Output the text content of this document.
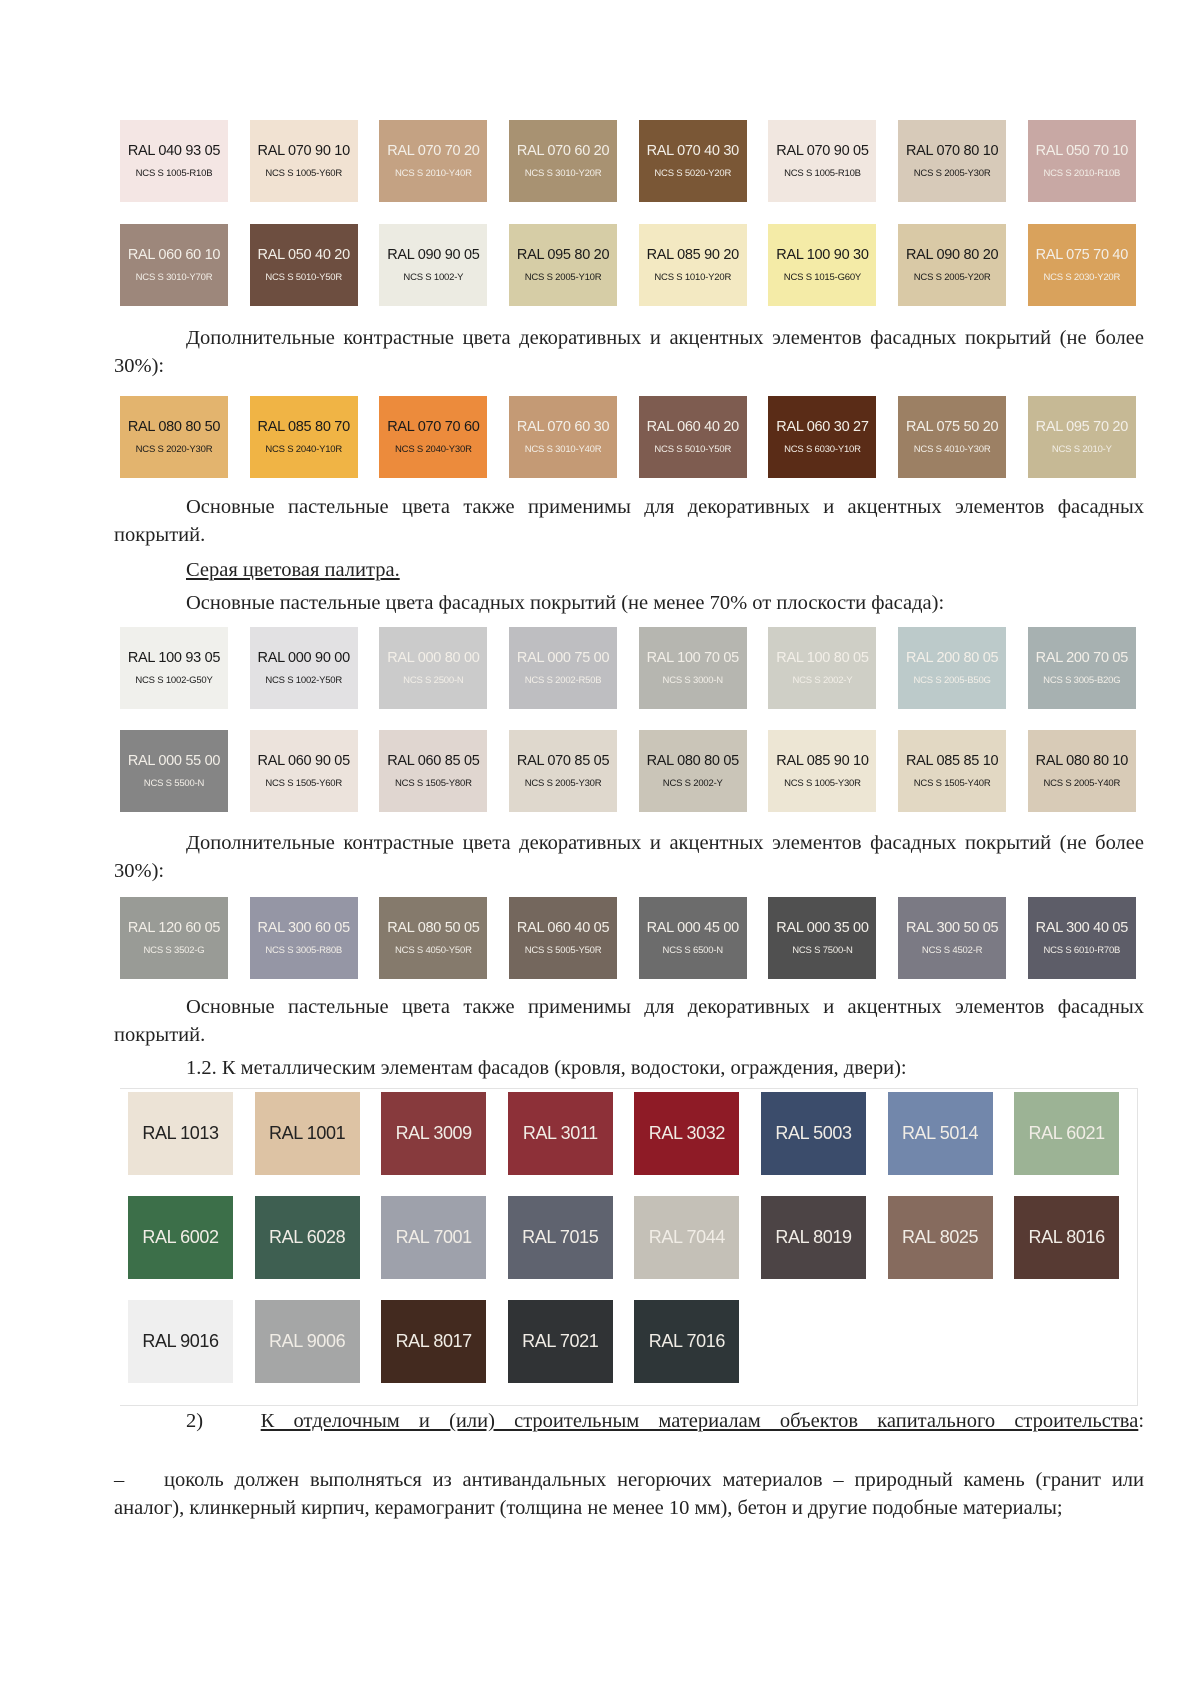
RAL 040 93 05
NCS S 1005-R10B
RAL 070 90 10
NCS S 1005-Y60R
RAL 070 70 20
NCS S 2010-Y40R
RAL 070 60 20
NCS S 3010-Y20R
RAL 070 40 30
NCS S 5020-Y20R
RAL 070 90 05
NCS S 1005-R10B
RAL 070 80 10
NCS S 2005-Y30R
RAL 050 70 10
NCS S 2010-R10B
RAL 060 60 10
NCS S 3010-Y70R
RAL 050 40 20
NCS S 5010-Y50R
RAL 090 90 05
NCS S 1002-Y
RAL 095 80 20
NCS S 2005-Y10R
RAL 085 90 20
NCS S 1010-Y20R
RAL 100 90 30
NCS S 1015-G60Y
RAL 090 80 20
NCS S 2005-Y20R
RAL 075 70 40
NCS S 2030-Y20R

Дополнительные контрастные цвета декоративных и акцентных элементов фасадных покрытий (не более 30%):

RAL 080 80 50
NCS S 2020-Y30R
RAL 085 80 70
NCS S 2040-Y10R
RAL 070 70 60
NCS S 2040-Y30R
RAL 070 60 30
NCS S 3010-Y40R
RAL 060 40 20
NCS S 5010-Y50R
RAL 060 30 27
NCS S 6030-Y10R
RAL 075 50 20
NCS S 4010-Y30R
RAL 095 70 20
NCS S 2010-Y

Основные пастельные цвета также применимы для декоративных и акцентных элементов фасадных покрытий.

Серая цветовая палитра.

Основные пастельные цвета фасадных покрытий (не менее 70% от плоскости фасада):

RAL 100 93 05
NCS S 1002-G50Y
RAL 000 90 00
NCS S 1002-Y50R
RAL 000 80 00
NCS S 2500-N
RAL 000 75 00
NCS S 2002-R50B
RAL 100 70 05
NCS S 3000-N
RAL 100 80 05
NCS S 2002-Y
RAL 200 80 05
NCS S 2005-B50G
RAL 200 70 05
NCS S 3005-B20G
RAL 000 55 00
NCS S 5500-N
RAL 060 90 05
NCS S 1505-Y60R
RAL 060 85 05
NCS S 1505-Y80R
RAL 070 85 05
NCS S 2005-Y30R
RAL 080 80 05
NCS S 2002-Y
RAL 085 90 10
NCS S 1005-Y30R
RAL 085 85 10
NCS S 1505-Y40R
RAL 080 80 10
NCS S 2005-Y40R

Дополнительные контрастные цвета декоративных и акцентных элементов фасадных покрытий (не более 30%):

RAL 120 60 05
NCS S 3502-G
RAL 300 60 05
NCS S 3005-R80B
RAL 080 50 05
NCS S 4050-Y50R
RAL 060 40 05
NCS S 5005-Y50R
RAL 000 45 00
NCS S 6500-N
RAL 000 35 00
NCS S 7500-N
RAL 300 50 05
NCS S 4502-R
RAL 300 40 05
NCS S 6010-R70B

Основные пастельные цвета также применимы для декоративных и акцентных элементов фасадных покрытий.

1.2. К металлическим элементам фасадов (кровля, водостоки, ограждения, двери):

RAL 1013	RAL 1001	RAL 3009	RAL 3011	RAL 3032	RAL 5003	RAL 5014	RAL 6021
RAL 6002	RAL 6028	RAL 7001	RAL 7015	RAL 7044	RAL 8019	RAL 8025	RAL 8016
RAL 9016	RAL 9006	RAL 8017	RAL 7021	RAL 7016

2)	К отделочным и (или) строительным материалам объектов капитального строительства:

– цоколь должен выполняться из антивандальных негорючих материалов – природный камень (гранит или аналог), клинкерный кирпич, керамогранит (толщина не менее 10 мм), бетон и другие подобные материалы;
